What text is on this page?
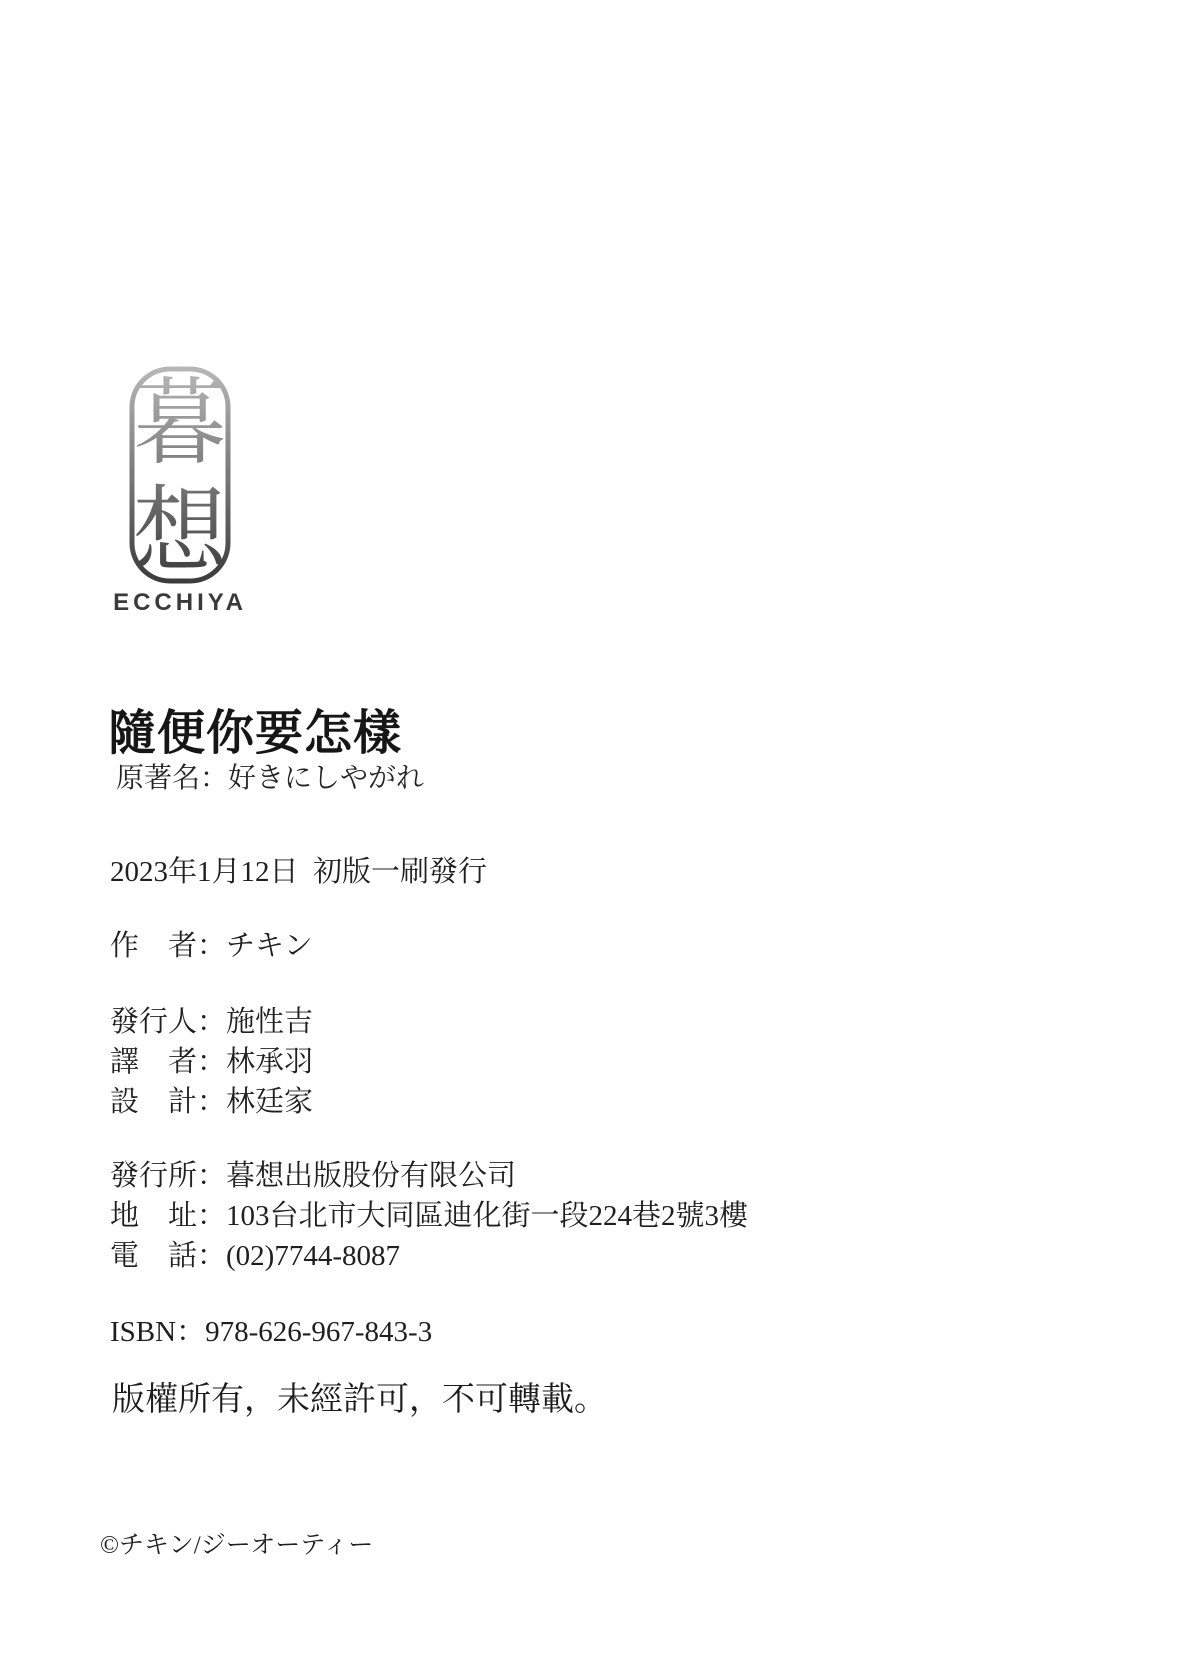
暮
想
ECCHIYA
隨便你要怎樣
原著名：好きにしやがれ
2023年1月12日  初版一刷發行
作　者：チキン
發行人：施性吉
譯　者：林承羽
設　計：林廷家
發行所：暮想出版股份有限公司
地　址：103台北市大同區迪化街一段224巷2號3樓
電　話：(02)7744-8087
ISBN：978-626-967-843-3
版權所有，未經許可，不可轉載。
©チキン/ジーオーティー
